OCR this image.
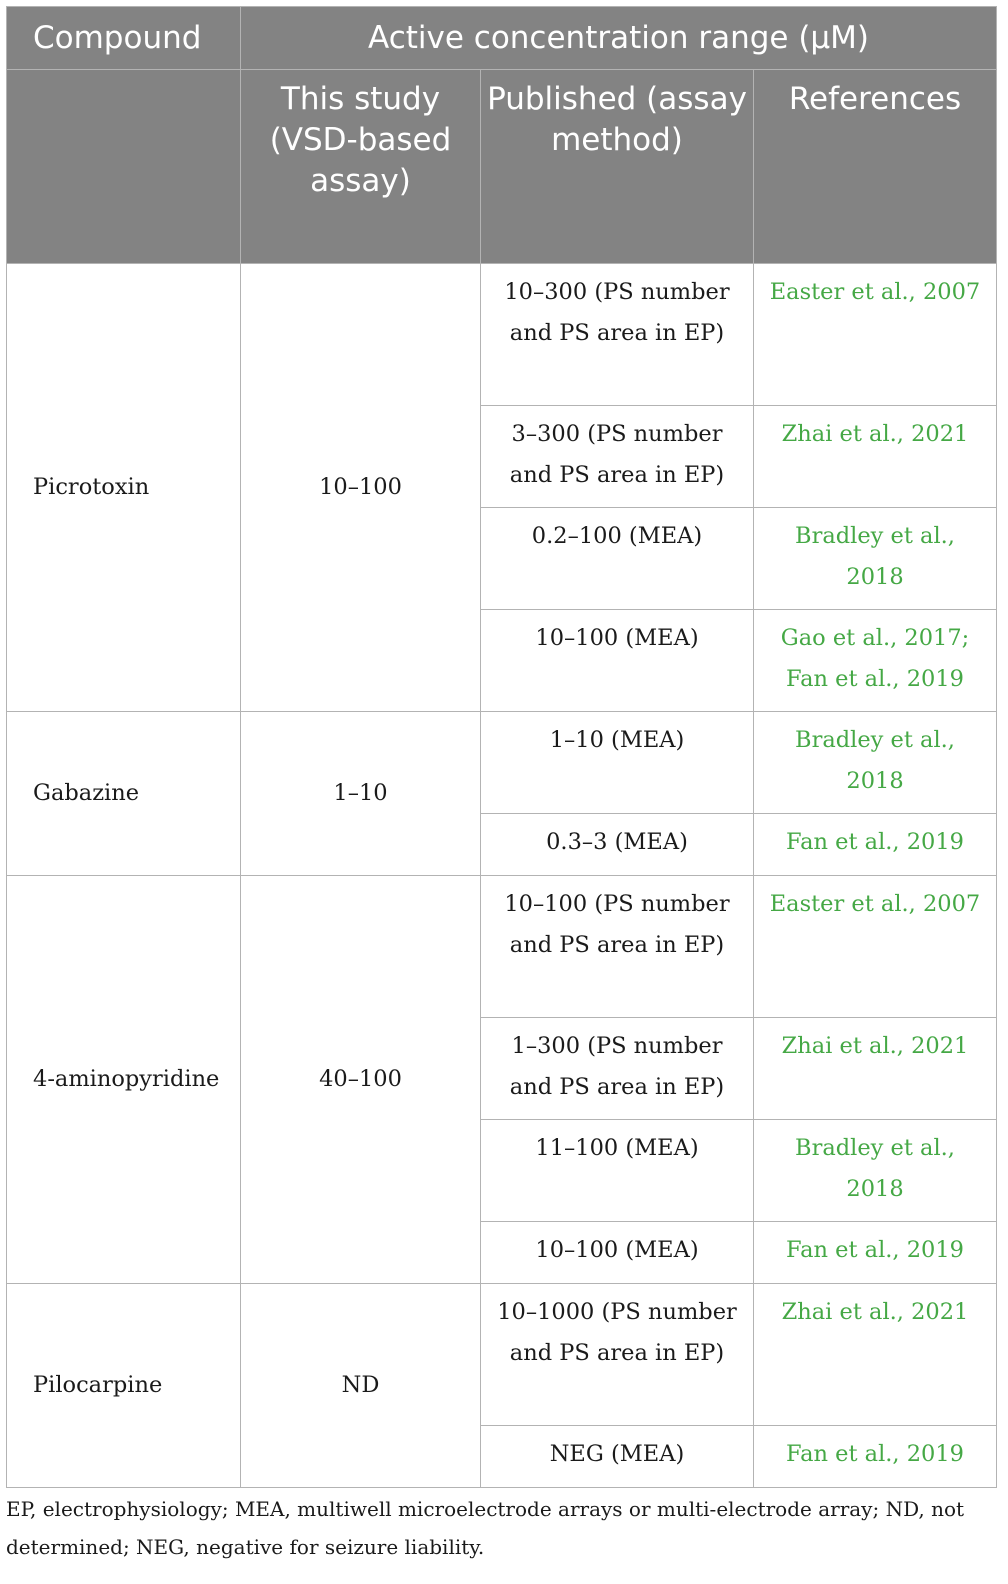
Compound	Active concentration range (μM)		
	This study (VSD-based assay)	Published (assay method)	References
Picrotoxin	10–100	10–300 (PS number and PS area in EP)	Easter et al., 2007
		3–300 (PS number and PS area in EP)	Zhai et al., 2021
		0.2–100 (MEA)	Bradley et al., 2018
		10–100 (MEA)	Gao et al., 2017; Fan et al., 2019
Gabazine	1–10	1–10 (MEA)	Bradley et al., 2018
		0.3–3 (MEA)	Fan et al., 2019
4-aminopyridine	40–100	10–100 (PS number and PS area in EP)	Easter et al., 2007
		1–300 (PS number and PS area in EP)	Zhai et al., 2021
		11–100 (MEA)	Bradley et al., 2018
		10–100 (MEA)	Fan et al., 2019
Pilocarpine	ND	10–1000 (PS number and PS area in EP)	Zhai et al., 2021
		NEG (MEA)	Fan et al., 2019
EP, electrophysiology; MEA, multiwell microelectrode arrays or multi-electrode array; ND, not determined; NEG, negative for seizure liability.
